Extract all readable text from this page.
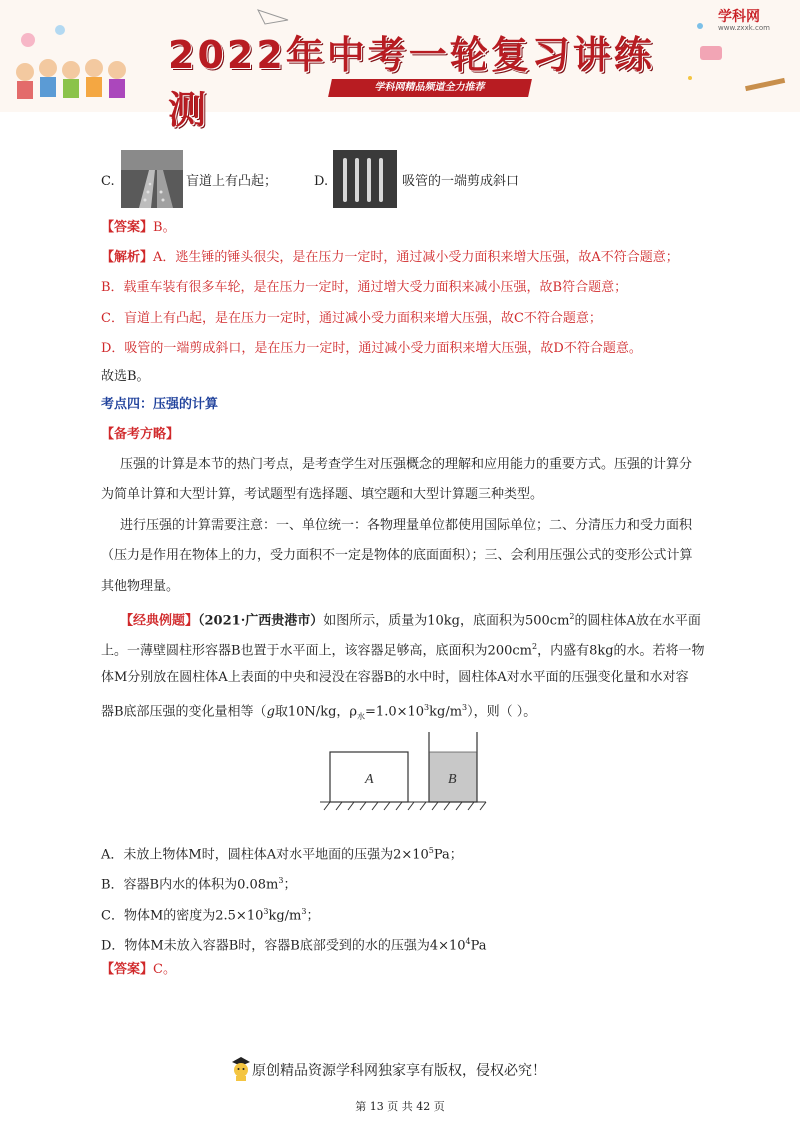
2022年中考一轮复习讲练测
学科网精品频道全力推荐
学科网
www.zxxk.com
C.	盲道上有凸起；	D.	吸管的一端剪成斜口
【答案】B。
【解析】A．逃生锤的锤头很尖，是在压力一定时，通过减小受力面积来增大压强，故A不符合题意；
B．载重车装有很多车轮，是在压力一定时，通过增大受力面积来减小压强，故B符合题意；
C．盲道上有凸起，是在压力一定时，通过减小受力面积来增大压强，故C不符合题意；
D．吸管的一端剪成斜口，是在压力一定时，通过减小受力面积来增大压强，故D不符合题意。
故选B。
考点四：压强的计算
【备考方略】
压强的计算是本节的热门考点，是考查学生对压强概念的理解和应用能力的重要方式。压强的计算分
为简单计算和大型计算，考试题型有选择题、填空题和大型计算题三种类型。
进行压强的计算需要注意：一、单位统一：各物理量单位都使用国际单位；二、分清压力和受力面积
（压力是作用在物体上的力，受力面积不一定是物体的底面面积）；三、会利用压强公式的变形公式计算
其他物理量。
【经典例题】（2021·广西贵港市）如图所示，质量为10kg，底面积为$500cm^2$的圆柱体A放在水平面
上。一薄壁圆柱形容器B也置于水平面上，该容器足够高，底面积为$200cm^2$，内盛有8kg的水。若将一物
体M分别放在圆柱体A上表面的中央和浸没在容器B的水中时，圆柱体A对水平面的压强变化量和水对容
器B底部压强的变化量相等（g取10N/kg，$\rho_水=1.0\times 10^3kg/m^3$），则（ ）。
A	B
A．未放上物体M时，圆柱体A对水平地面的压强为$2\times 10^5Pa$；
B．容器B内水的体积为$0.08m^3$；
C．物体M的密度为$2.5\times 10^3kg/m^3$；
D．物体M未放入容器B时，容器B底部受到的水的压强为$4\times 10^4Pa$
【答案】C。
原创精品资源学科网独家享有版权，侵权必究！
第 13 页 共 42 页
